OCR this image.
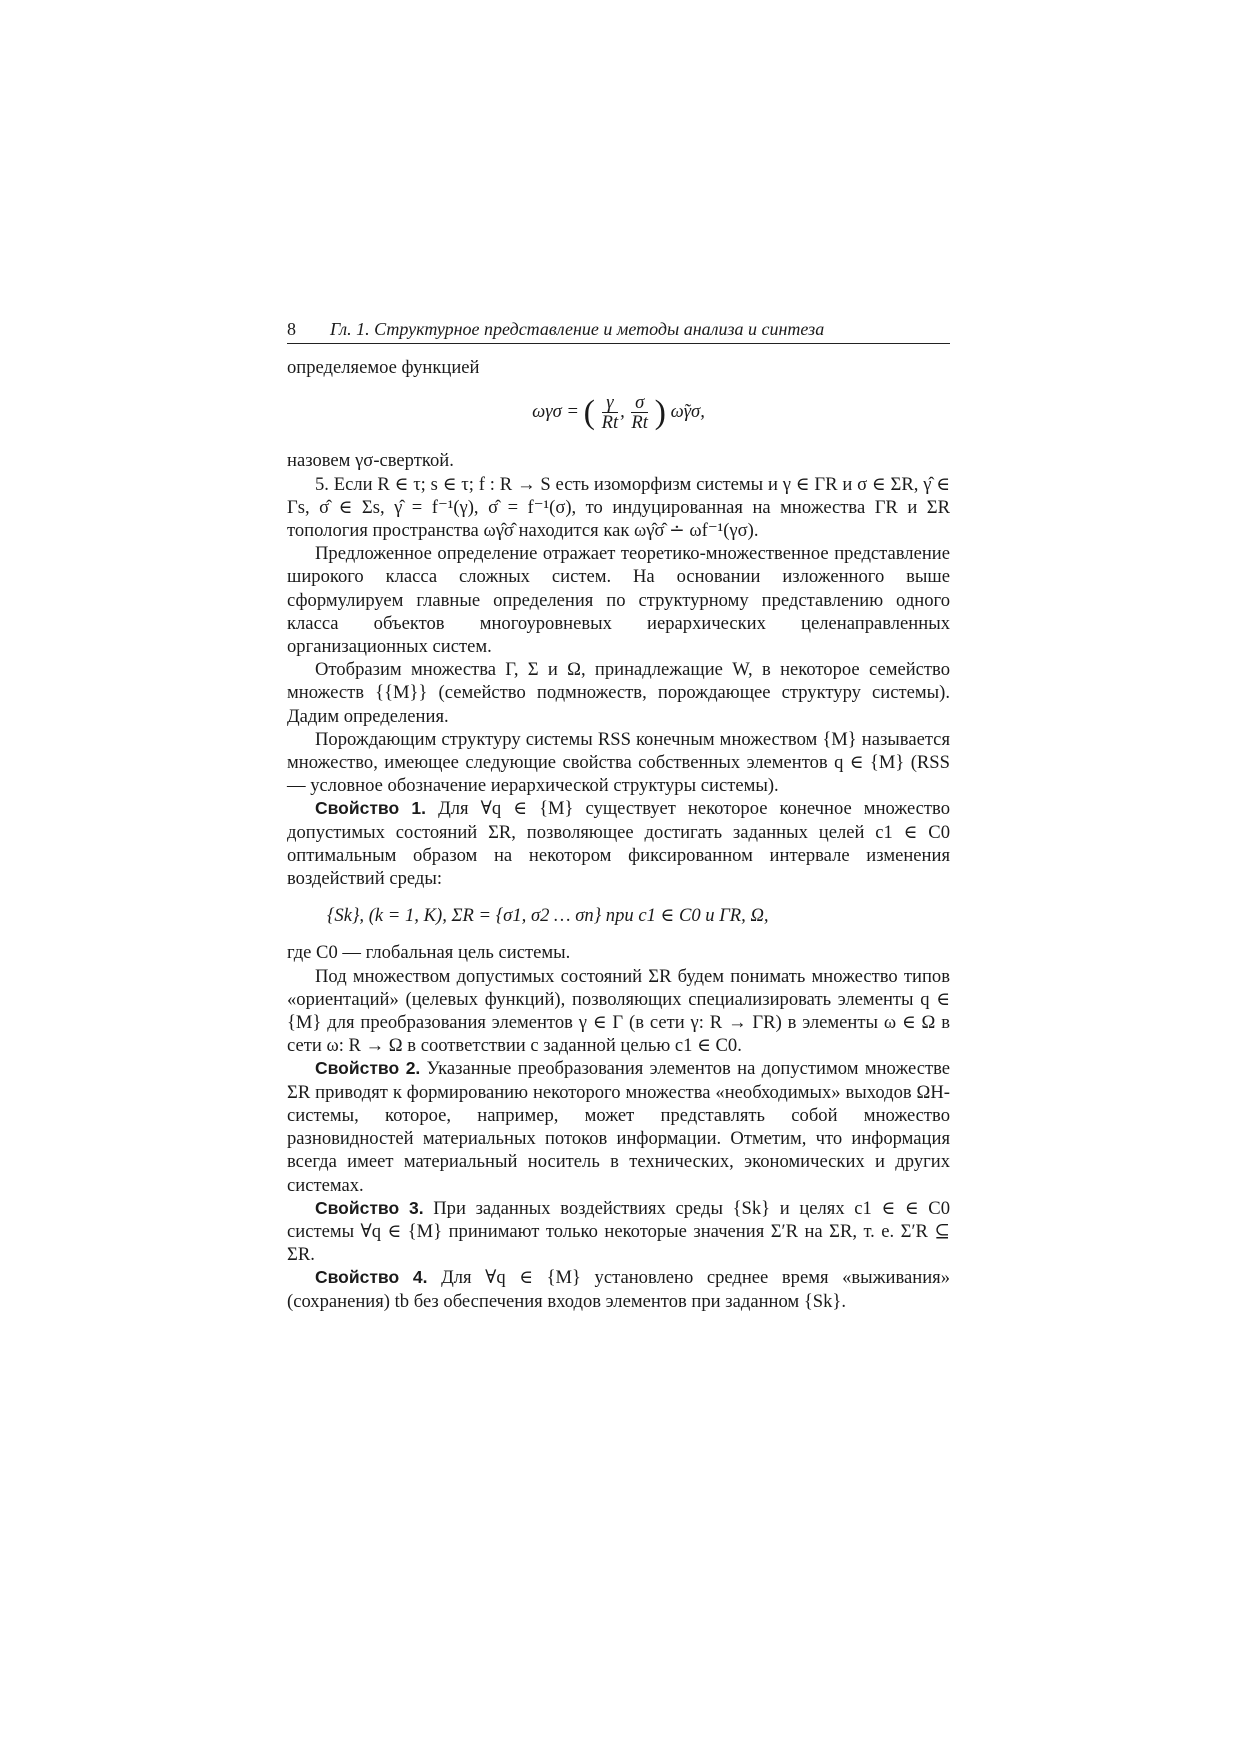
8 Гл. 1. Структурное представление и методы анализа и синтеза

определяемое функцией

ωγσ = ( $\frac{\gamma}{Rt}$ , $\frac{\sigma}{Rt}$ ) ω̃γσ,

назовем γσ-сверткой.

5. Если R ∈ τ; s ∈ τ; f : R → S есть изоморфизм системы и γ ∈ ΓR и σ ∈ ΣR, γ̂ ∈ Γs, σ̂ ∈ Σs, γ̂ = f⁻¹(γ), σ̂ = f⁻¹(σ), то индуцированная на множества ΓR и ΣR топология пространства ωγ̂σ̂ находится как ωγ̂σ̂ ∸ ωf⁻¹(γσ).

Предложенное определение отражает теоретико-множественное представление широкого класса сложных систем. На основании изложенного выше сформулируем главные определения по структурному представлению одного класса объектов многоуровневых иерархических целенаправленных организационных систем.

Отобразим множества Γ, Σ и Ω, принадлежащие W, в некоторое семейство множеств {{M}} (семейство подмножеств, порождающее структуру системы). Дадим определения.

Порождающим структуру системы RSS конечным множеством {M} называется множество, имеющее следующие свойства собственных элементов q ∈ {M} (RSS — условное обозначение иерархической структуры системы).

Свойство 1. Для ∀q ∈ {M} существует некоторое конечное множество допустимых состояний ΣR, позволяющее достигать заданных целей c1 ∈ C0 оптимальным образом на некотором фиксированном интервале изменения воздействий среды:

{Sk}, (k = 1, K), ΣR = {σ1, σ2 … σn} при c1 ∈ C0 и ΓR, Ω,

где C0 — глобальная цель системы.

Под множеством допустимых состояний ΣR будем понимать множество типов «ориентаций» (целевых функций), позволяющих специализировать элементы q ∈ {M} для преобразования элементов γ ∈ Γ (в сети γ: R → ΓR) в элементы ω ∈ Ω в сети ω: R → Ω в соответствии с заданной целью c1 ∈ C0.

Свойство 2. Указанные преобразования элементов на допустимом множестве ΣR приводят к формированию некоторого множества «необходимых» выходов ΩH-системы, которое, например, может представлять собой множество разновидностей материальных потоков информации. Отметим, что информация всегда имеет материальный носитель в технических, экономических и других системах.

Свойство 3. При заданных воздействиях среды {Sk} и целях c1 ∈ ∈ C0 системы ∀q ∈ {M} принимают только некоторые значения Σ′R на ΣR, т. е. Σ′R ⊆ ΣR.

Свойство 4. Для ∀q ∈ {M} установлено среднее время «выживания» (сохранения) tb без обеспечения входов элементов при заданном {Sk}.
